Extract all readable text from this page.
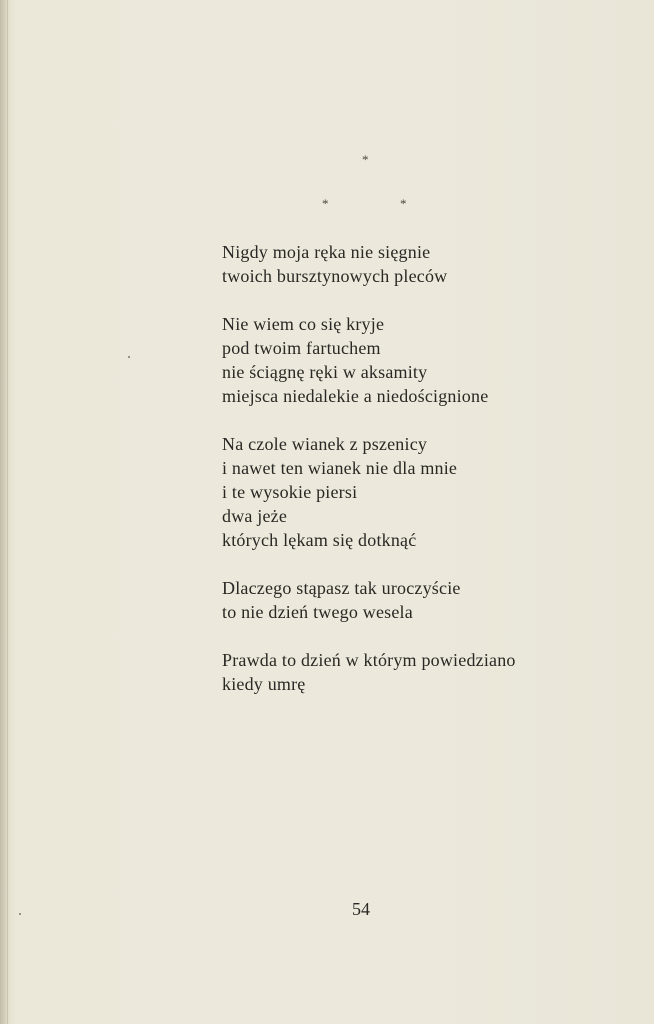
*
*	*
Nigdy moja ręka nie sięgnie
twoich bursztynowych pleców
Nie wiem co się kryje
pod twoim fartuchem
nie ściągnę ręki w aksamity
miejsca niedalekie a niedoścignione
Na czole wianek z pszenicy
i nawet ten wianek nie dla mnie
i te wysokie piersi
dwa jeże
których lękam się dotknąć
Dlaczego stąpasz tak uroczyście
to nie dzień twego wesela
Prawda to dzień w którym powiedziano
kiedy umrę
54
